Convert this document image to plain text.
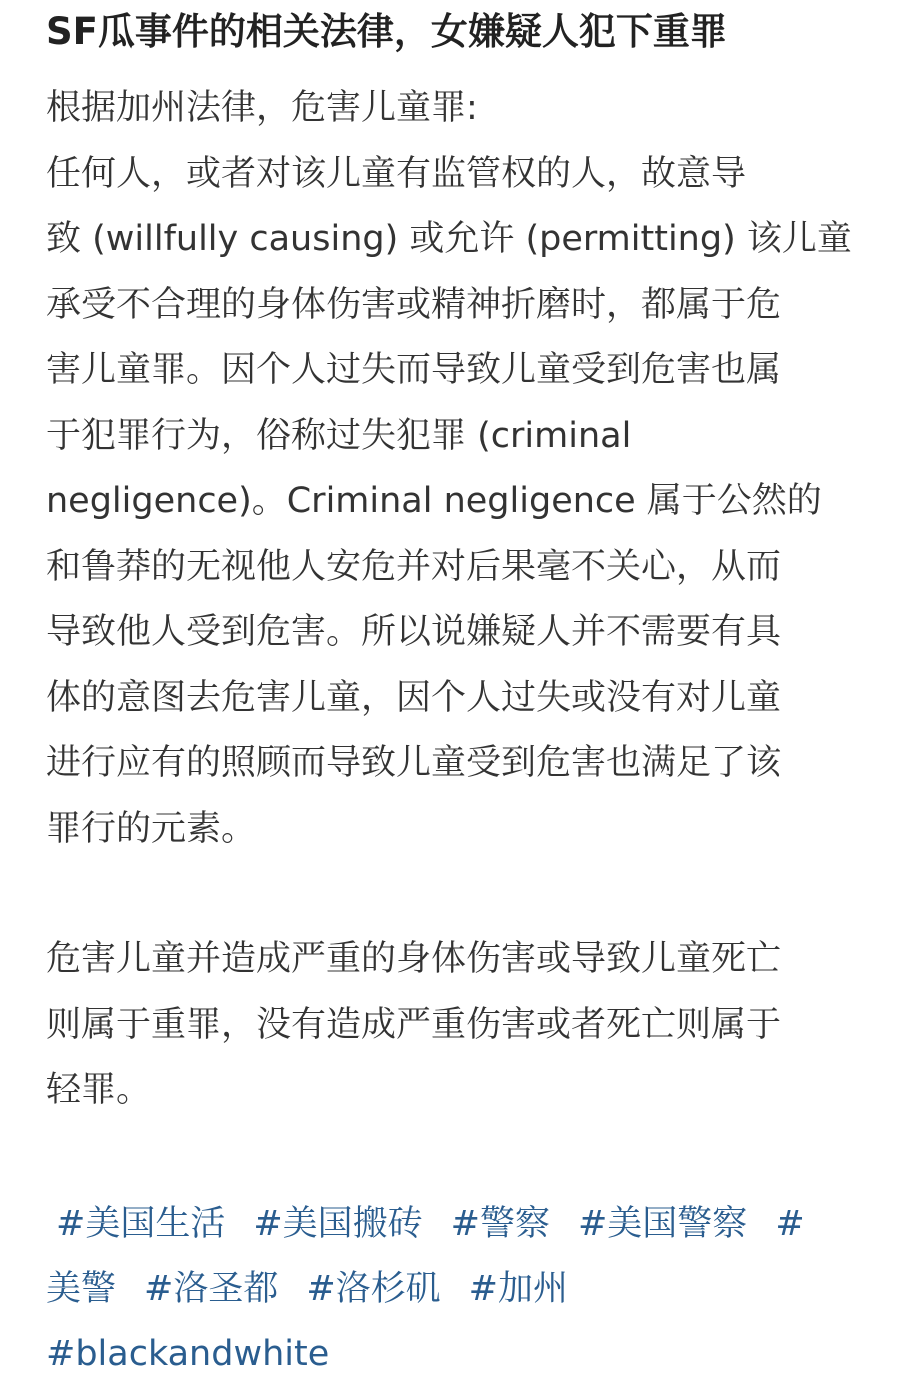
SF瓜事件的相关法律，女嫌疑人犯下重罪

根据加州法律，危害儿童罪:

任何人，或者对该儿童有监管权的人，故意导

致 (willfully causing) 或允许 (permitting) 该儿童

承受不合理的身体伤害或精神折磨时，都属于危

害儿童罪。因个人过失而导致儿童受到危害也属

于犯罪行为，俗称过失犯罪 (criminal

negligence)。Criminal negligence 属于公然的

和鲁莽的无视他人安危并对后果毫不关心，从而

导致他人受到危害。所以说嫌疑人并不需要有具

体的意图去危害儿童，因个人过失或没有对儿童

进行应有的照顾而导致儿童受到危害也满足了该

罪行的元素。

危害儿童并造成严重的身体伤害或导致儿童死亡

则属于重罪，没有造成严重伤害或者死亡则属于

轻罪。

#美国生活 #美国搬砖 #警察 #美国警察 #
美警 #洛圣都 #洛杉矶 #加州
#blackandwhite
